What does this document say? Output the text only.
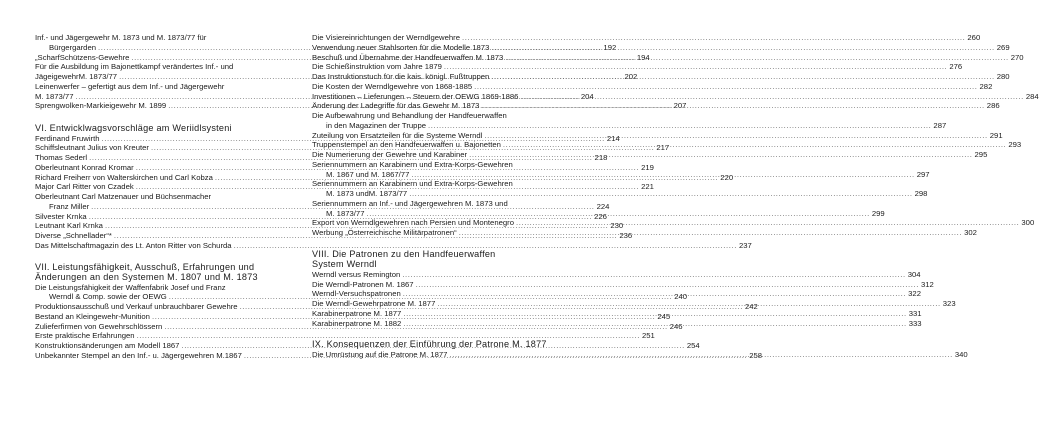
Inf.- und Jägergewehr M. 1873 und M. 1873/77 für
Bürgergarden .....	192
„ScharfSchützens-Gewehre .....	194
Für die Ausbildung im Bajonettkampf verändertes Inf.- und
JägeigewehrM. 1873/77 .....	202
Leinenwerfer – gefertigt aus dem Inf.- und Jägergewehr
M. 1873/77 .....	204
Sprengwolken-Markieigewehr M. 1899 .....	207
VI. Entwicklwagsvorschläge am Weriidlsysteni
Ferdinand Fruwirth .....	214
Schiffsleutnant Julius von Kreuter .....	217
Thomas Sederl .....	218
Oberleutnant Konrad Kromar .....	219
Richard Freiherr von Walterskirchen und Carl Kobza .....	220
Major Carl Ritter von Czadek .....	221
Oberleutnant Carl Matzenauer und Büchsenmacher
Franz Miller .....	224
Silvester Krnka .....	226
Leutnant Karl Krnka .....	230
Diverse „Schnellader“* .....	236
Das Mittelschaftmagazin des Lt. Anton Ritter von Schurda .....	237
VII. Leistungsfähigkeit, Ausschuß, Erfahrungen und
Änderungen an den Systemen M. 1807 und M. 1873
Die Leistungsfähigkeit der Waffenfabrik Josef und Franz
Werndl & Comp. sowie der OEWG .....	240
Produktionsausschuß und Verkauf unbrauchbarer Gewehre .....	242
Bestand an Kleingewehr-Munition .....	245
Zulieferfirmen von Gewehrschlössern .....	246
Erste praktische Erfahrungen .....	251
Konstruktionsänderungen am Modell 1867 .....	254
Unbekannter Stempel an den Inf.- u. Jägergewehren M.1867 .....	258
Die Visiereinrichtungen der Werndlgewehre .....	260
Verwendung neuer Stahlsorten für die Modelle 1873 .....	269
Beschuß und Übernahme der Handfeuerwaffen M. 1873 .....	270
Die Schießinstruktion vom Jahre 1879 .....	276
Das Instruktionstuch für die kais. königl. Fußtruppen .....	280
Die Kosten der Werndlgewehre von 1868-1885 .....	282
Investitionen – Lieferungen – Steuern der OEWG 1869-1886 .....	284
Änderung der Ladegriffe für das Gewehr M. 1873 .....	286
Die Aufbewahrung und Behandlung der Handfeuerwaffen
in den Magazinen der Truppe .....	287
Zuteilung von Ersatzteilen für die Systeme Werndl .....	291
Truppenstempel an den Handfeuerwaffen u. Bajonetten .....	293
Die Numerierung der Gewehre und Karabiner .....	295
Seriennummern an Karabinern und Extra-Korps-Gewehren
M. 1867 und M. 1867/77 .....	297
Seriennummern an Karabinern und Extra-Korps-Gewehren
M. 1873 undM. 1873/77 .....	298
Seriennummern an Inf.- und Jägergewehren M. 1873 und
M. 1873/77 .....	299
Export von Werndlgewehren nach Persien und Montenegro .....	300
Werbung „Österreichische Militärpatronen“ .....	302
VIII. Die Patronen zu den Handfeuerwaffen
System Werndl
Werndl versus Remington .....	304
Die Werndl-Patronen M. 1867 .....	312
Werndl-Versuchspatronen .....	322
Die Werndl-Gewehrpatrone M. 1877 .....	323
Karabinerpatrone M. 1877 .....	331
Karabinerpatrone M. 1882 .....	333
IX. Konsequenzen der Einführung der Patrone M. 1877
Die Umrüstung auf die Patrone M. 1877 .....	340
